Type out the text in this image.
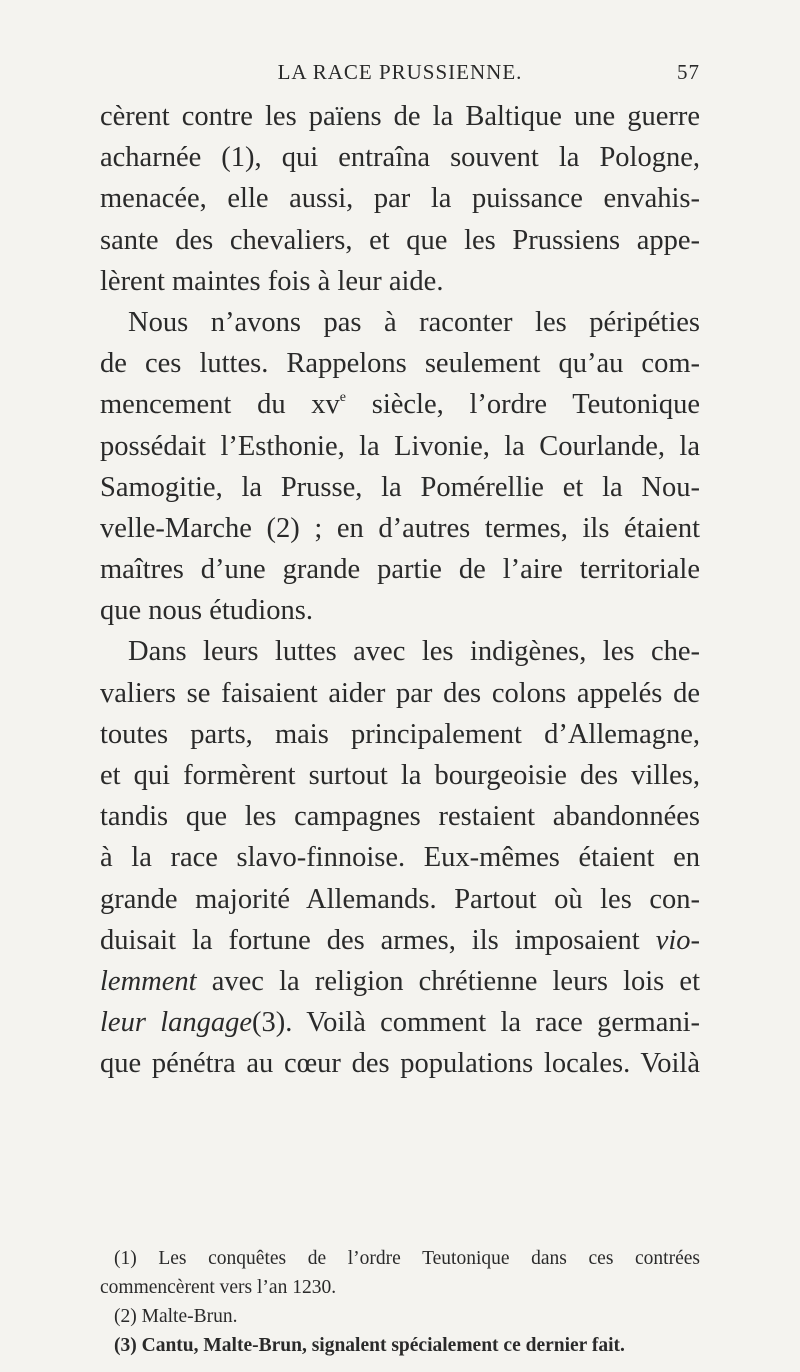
LA RACE PRUSSIENNE.	57
cèrent contre les païens de la Baltique une guerre
acharnée (1), qui entraîna souvent la Pologne,
menacée, elle aussi, par la puissance envahis-
sante des chevaliers, et que les Prussiens appe-
lèrent maintes fois à leur aide.
Nous n’avons pas à raconter les péripéties
de ces luttes. Rappelons seulement qu’au com-
mencement du $xv^e$ siècle, l’ordre Teutonique
possédait l’Esthonie, la Livonie, la Courlande, la
Samogitie, la Prusse, la Pomérellie et la Nou-
velle-Marche (2) ; en d’autres termes, ils étaient
maîtres d’une grande partie de l’aire territoriale
que nous étudions.
Dans leurs luttes avec les indigènes, les che-
valiers se faisaient aider par des colons appelés de
toutes parts, mais principalement d’Allemagne,
et qui formèrent surtout la bourgeoisie des villes,
tandis que les campagnes restaient abandonnées
à la race slavo-finnoise. Eux-mêmes étaient en
grande majorité Allemands. Partout où les con-
duisait la fortune des armes, ils imposaient vio-
lemment avec la religion chrétienne leurs lois et
leur langage(3). Voilà comment la race germani-
que pénétra au cœur des populations locales. Voilà
(1) Les conquêtes de l’ordre Teutonique dans ces contrées
commencèrent vers l’an 1230.
(2) Malte-Brun.
(3) Cantu, Malte-Brun, signalent spécialement ce dernier fait.
